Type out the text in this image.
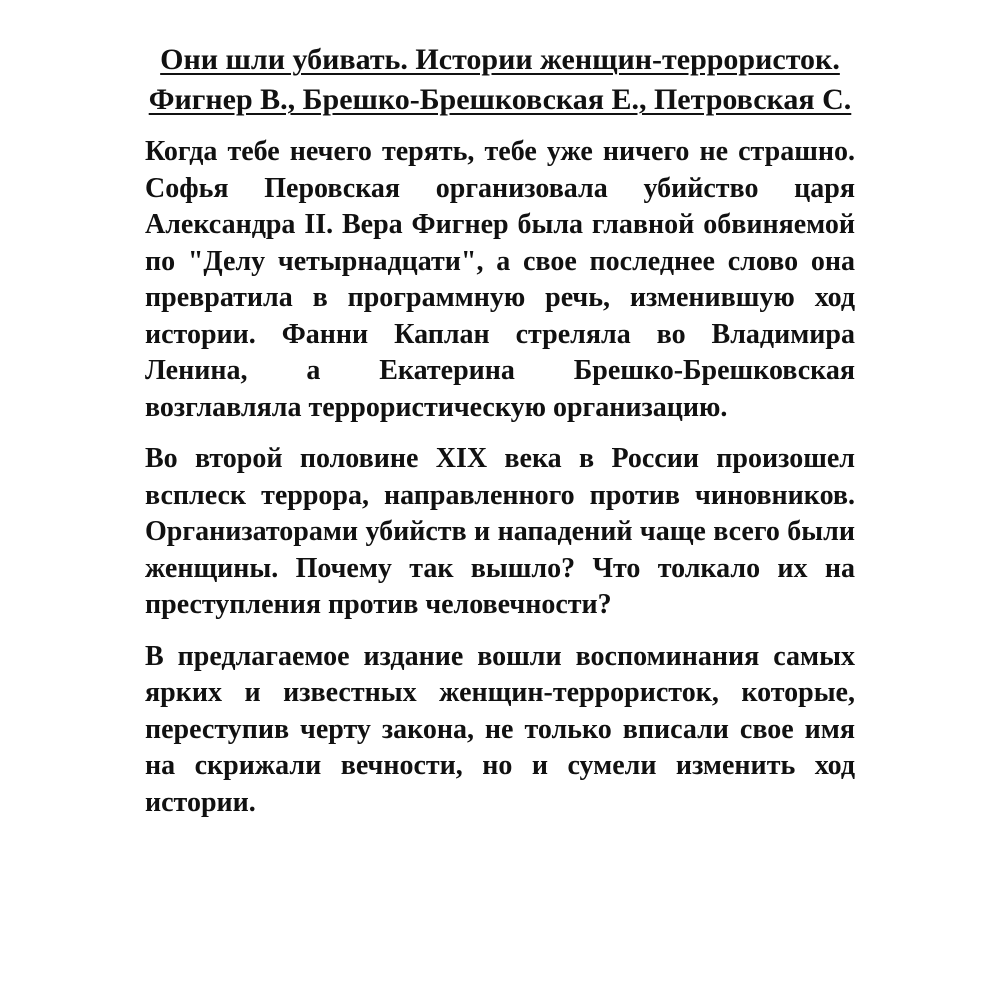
Они шли убивать. Истории женщин-террористок. Фигнер В., Брешко-Брешковская Е., Петровская С.

Когда тебе нечего терять, тебе уже ничего не страшно. Софья Перовская организовала убийство царя Александра II. Вера Фигнер была главной обвиняемой по "Делу четырнадцати", а свое последнее слово она превратила в программную речь, изменившую ход истории. Фанни Каплан стреляла во Владимира Ленина, а Екатерина Брешко-Брешковская возглавляла террористическую организацию.

Во второй половине XIX века в России произошел всплеск террора, направленного против чиновников. Организаторами убийств и нападений чаще всего были женщины. Почему так вышло? Что толкало их на преступления против человечности?

В предлагаемое издание вошли воспоминания самых ярких и известных женщин-террористок, которые, переступив черту закона, не только вписали свое имя на скрижали вечности, но и сумели изменить ход истории.
